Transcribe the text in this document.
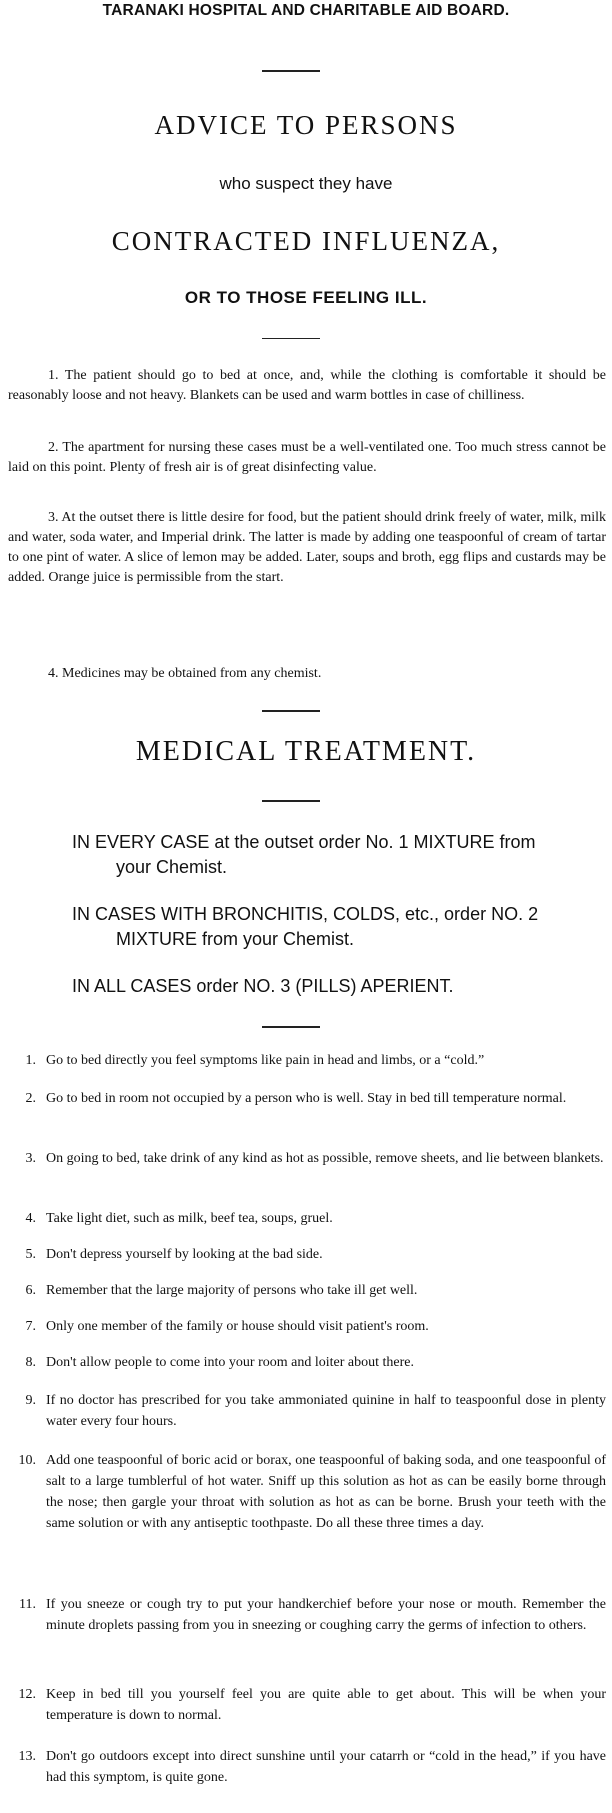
TARANAKI HOSPITAL AND CHARITABLE AID BOARD.
ADVICE TO PERSONS
who suspect they have
CONTRACTED INFLUENZA,
OR TO THOSE FEELING ILL.
1. The patient should go to bed at once, and, while the clothing is comfortable it should be reasonably loose and not heavy. Blankets can be used and warm bottles in case of chilliness.
2. The apartment for nursing these cases must be a well-ventilated one. Too much stress cannot be laid on this point. Plenty of fresh air is of great disinfecting value.
3. At the outset there is little desire for food, but the patient should drink freely of water, milk, milk and water, soda water, and Imperial drink. The latter is made by adding one teaspoonful of cream of tartar to one pint of water. A slice of lemon may be added. Later, soups and broth, egg flips and custards may be added. Orange juice is permissible from the start.
4. Medicines may be obtained from any chemist.
MEDICAL TREATMENT.
IN EVERY CASE at the outset order No. 1 MIXTURE from
your Chemist.
IN CASES WITH BRONCHITIS, COLDS, etc., order NO. 2
MIXTURE from your Chemist.
IN ALL CASES order NO. 3 (PILLS) APERIENT.
1. Go to bed directly you feel symptoms like pain in head and limbs, or a “cold.”
2. Go to bed in room not occupied by a person who is well. Stay in bed till temperature normal.
3. On going to bed, take drink of any kind as hot as possible, remove sheets, and lie between blankets.
4. Take light diet, such as milk, beef tea, soups, gruel.
5. Don't depress yourself by looking at the bad side.
6. Remember that the large majority of persons who take ill get well.
7. Only one member of the family or house should visit patient's room.
8. Don't allow people to come into your room and loiter about there.
9. If no doctor has prescribed for you take ammoniated quinine in half to teaspoonful dose in plenty water every four hours.
10. Add one teaspoonful of boric acid or borax, one teaspoonful of baking soda, and one teaspoonful of salt to a large tumblerful of hot water. Sniff up this solution as hot as can be easily borne through the nose; then gargle your throat with solution as hot as can be borne. Brush your teeth with the same solution or with any antiseptic toothpaste. Do all these three times a day.
11. If you sneeze or cough try to put your handkerchief before your nose or mouth. Remember the minute droplets passing from you in sneezing or coughing carry the germs of infection to others.
12. Keep in bed till you yourself feel you are quite able to get about. This will be when your temperature is down to normal.
13. Don't go outdoors except into direct sunshine until your catarrh or “cold in the head,” if you have had this symptom, is quite gone.
